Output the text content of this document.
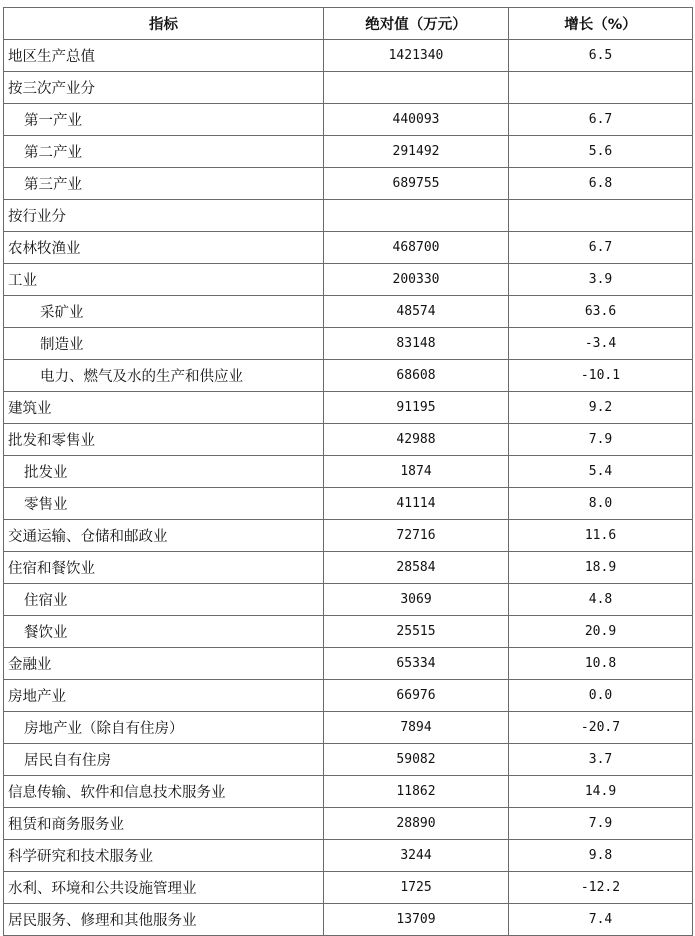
指标	绝对值（万元）	增长（%）
地区生产总值	1421340	6.5
按三次产业分		
第一产业	440093	6.7
第二产业	291492	5.6
第三产业	689755	6.8
按行业分		
农林牧渔业	468700	6.7
工业	200330	3.9
采矿业	48574	63.6
制造业	83148	-3.4
电力、燃气及水的生产和供应业	68608	-10.1
建筑业	91195	9.2
批发和零售业	42988	7.9
批发业	1874	5.4
零售业	41114	8.0
交通运输、仓储和邮政业	72716	11.6
住宿和餐饮业	28584	18.9
住宿业	3069	4.8
餐饮业	25515	20.9
金融业	65334	10.8
房地产业	66976	0.0
房地产业（除自有住房）	7894	-20.7
居民自有住房	59082	3.7
信息传输、软件和信息技术服务业	11862	14.9
租赁和商务服务业	28890	7.9
科学研究和技术服务业	3244	9.8
水利、环境和公共设施管理业	1725	-12.2
居民服务、修理和其他服务业	13709	7.4
